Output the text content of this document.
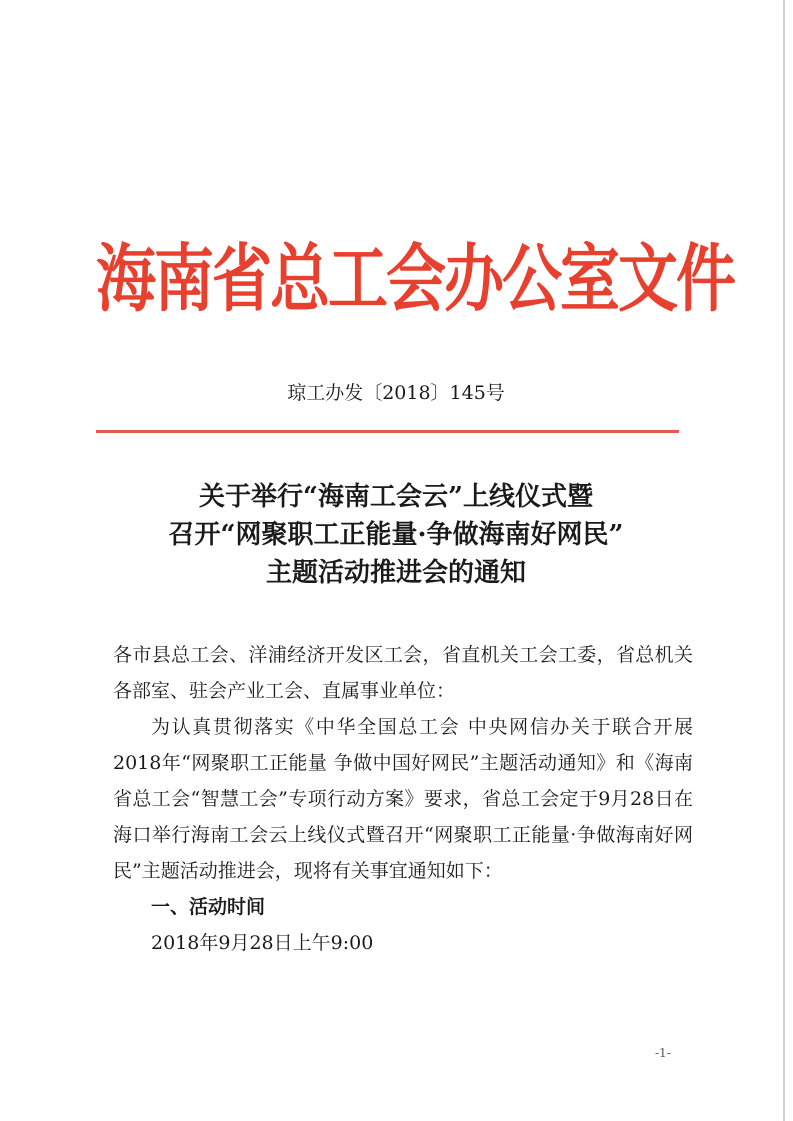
海南省总工会办公室文件
琼工办发〔2018〕145号
关于举行“海南工会云”上线仪式暨
召开“网聚职工正能量·争做海南好网民”
主题活动推进会的通知

各市县总工会、洋浦经济开发区工会，省直机关工会工委，省总机关各部室、驻会产业工会、直属事业单位：

为认真贯彻落实《中华全国总工会 中央网信办关于联合开展2018年“网聚职工正能量 争做中国好网民”主题活动通知》和《海南省总工会“智慧工会”专项行动方案》要求，省总工会定于9月28日在海口举行海南工会云上线仪式暨召开“网聚职工正能量·争做海南好网民”主题活动推进会，现将有关事宜通知如下：

一、活动时间

2018年9月28日上午9:00

-1-
